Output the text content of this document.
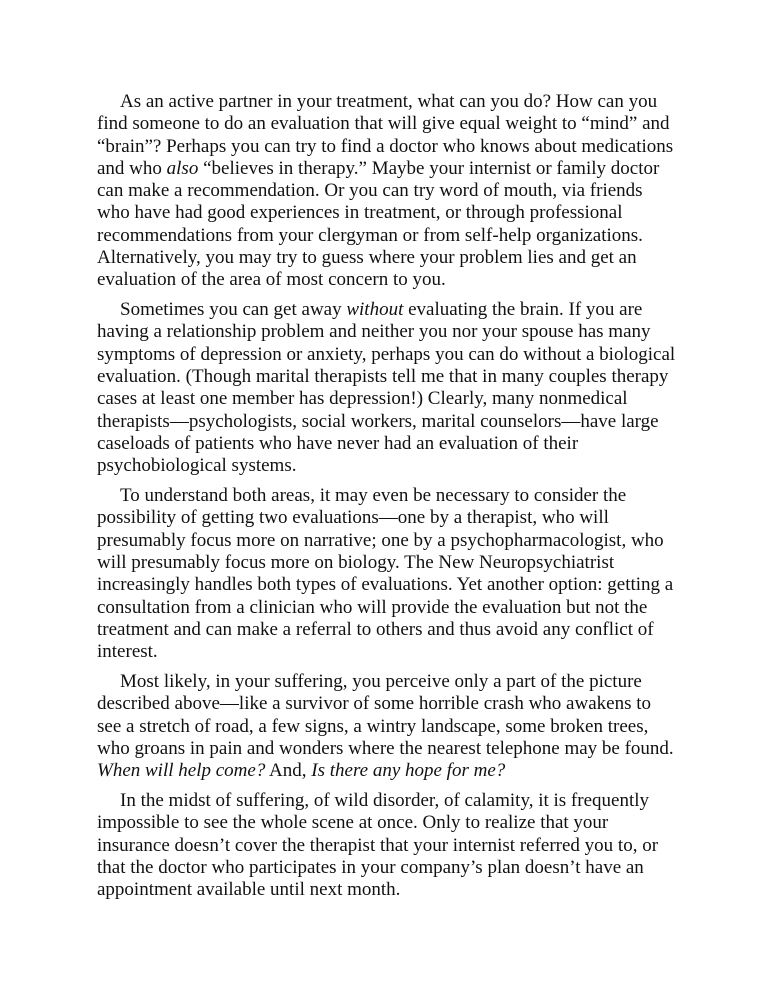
As an active partner in your treatment, what can you do? How can you
find someone to do an evaluation that will give equal weight to “mind” and
“brain”? Perhaps you can try to find a doctor who knows about medications
and who also “believes in therapy.” Maybe your internist or family doctor
can make a recommendation. Or you can try word of mouth, via friends
who have had good experiences in treatment, or through professional
recommendations from your clergyman or from self-help organizations.
Alternatively, you may try to guess where your problem lies and get an
evaluation of the area of most concern to you.

Sometimes you can get away without evaluating the brain. If you are
having a relationship problem and neither you nor your spouse has many
symptoms of depression or anxiety, perhaps you can do without a biological
evaluation. (Though marital therapists tell me that in many couples therapy
cases at least one member has depression!) Clearly, many nonmedical
therapists—psychologists, social workers, marital counselors—have large
caseloads of patients who have never had an evaluation of their
psychobiological systems.

To understand both areas, it may even be necessary to consider the
possibility of getting two evaluations—one by a therapist, who will
presumably focus more on narrative; one by a psychopharmacologist, who
will presumably focus more on biology. The New Neuropsychiatrist
increasingly handles both types of evaluations. Yet another option: getting a
consultation from a clinician who will provide the evaluation but not the
treatment and can make a referral to others and thus avoid any conflict of
interest.

Most likely, in your suffering, you perceive only a part of the picture
described above—like a survivor of some horrible crash who awakens to
see a stretch of road, a few signs, a wintry landscape, some broken trees,
who groans in pain and wonders where the nearest telephone may be found.
When will help come? And, Is there any hope for me?

In the midst of suffering, of wild disorder, of calamity, it is frequently
impossible to see the whole scene at once. Only to realize that your
insurance doesn’t cover the therapist that your internist referred you to, or
that the doctor who participates in your company’s plan doesn’t have an
appointment available until next month.
